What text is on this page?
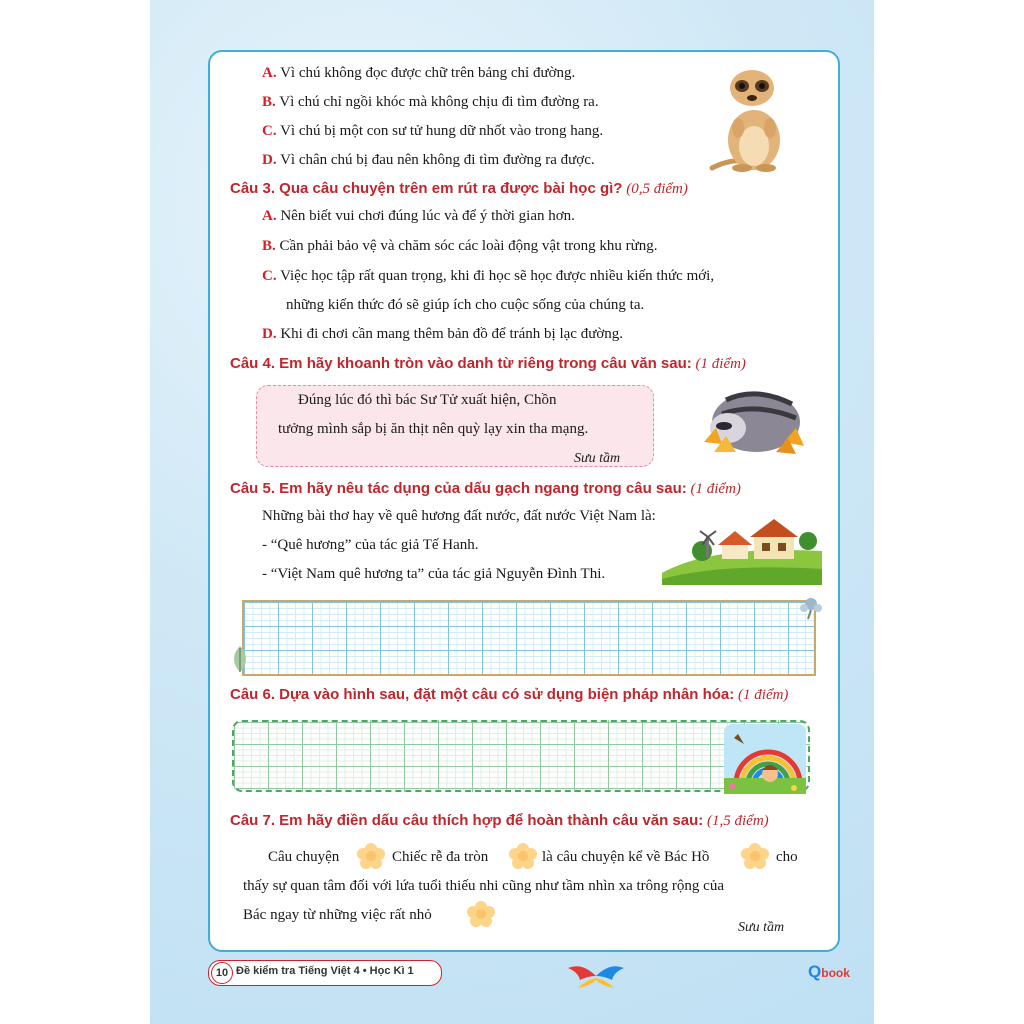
A. Vì chú không đọc được chữ trên bảng chỉ đường.
B. Vì chú chỉ ngồi khóc mà không chịu đi tìm đường ra.
C. Vì chú bị một con sư tử hung dữ nhốt vào trong hang.
D. Vì chân chú bị đau nên không đi tìm đường ra được.
Câu 3. Qua câu chuyện trên em rút ra được bài học gì? (0,5 điểm)
A. Nên biết vui chơi đúng lúc và để ý thời gian hơn.
B. Cần phải bảo vệ và chăm sóc các loài động vật trong khu rừng.
C. Việc học tập rất quan trọng, khi đi học sẽ học được nhiều kiến thức mới,
những kiến thức đó sẽ giúp ích cho cuộc sống của chúng ta.
D. Khi đi chơi cần mang thêm bản đồ để tránh bị lạc đường.
Câu 4. Em hãy khoanh tròn vào danh từ riêng trong câu văn sau: (1 điểm)
Đúng lúc đó thì bác Sư Tử xuất hiện, Chồn
tưởng mình sắp bị ăn thịt nên quỳ lạy xin tha mạng.
Sưu tầm
Câu 5. Em hãy nêu tác dụng của dấu gạch ngang trong câu sau: (1 điểm)
Những bài thơ hay về quê hương đất nước, đất nước Việt Nam là:
- “Quê hương” của tác giả Tế Hanh.
- “Việt Nam quê hương ta” của tác giả Nguyễn Đình Thi.
Câu 6. Dựa vào hình sau, đặt một câu có sử dụng biện pháp nhân hóa: (1 điểm)
Câu 7. Em hãy điền dấu câu thích hợp để hoàn thành câu văn sau: (1,5 điểm)
Câu chuyện	Chiếc rễ đa tròn	là câu chuyện kể về Bác Hồ	cho
thấy sự quan tâm đối với lứa tuổi thiếu nhi cũng như tầm nhìn xa trông rộng của
Bác ngay từ những việc rất nhỏ
Sưu tầm
10 Đề kiểm tra Tiếng Việt 4 • Học Kì 1	Qbook
